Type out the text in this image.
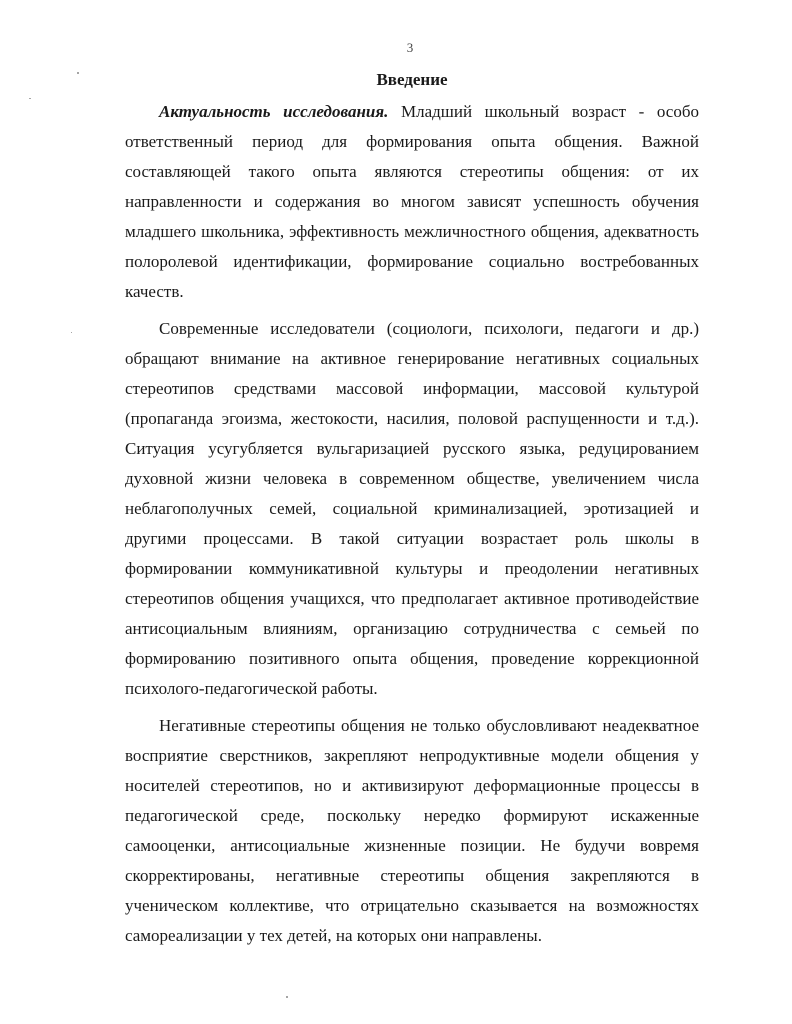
3
Введение

Актуальность исследования. Младший школьный возраст - особо ответственный период для формирования опыта общения. Важной составляющей такого опыта являются стереотипы общения: от их направленности и содержания во многом зависят успешность обучения младшего школьника, эффективность межличностного общения, адекватность полоролевой идентификации, формирование социально востребованных качеств.

Современные исследователи (социологи, психологи, педагоги и др.) обращают внимание на активное генерирование негативных социальных стереотипов средствами массовой информации, массовой культурой (пропаганда эгоизма, жестокости, насилия, половой распущенности и т.д.). Ситуация усугубляется вульгаризацией русского языка, редуцированием духовной жизни человека в современном обществе, увеличением числа неблагополучных семей, социальной криминализацией, эротизацией и другими процессами. В такой ситуации возрастает роль школы в формировании коммуникативной культуры и преодолении негативных стереотипов общения учащихся, что предполагает активное противодействие антисоциальным влияниям, организацию сотрудничества с семьей по формированию позитивного опыта общения, проведение коррекционной психолого-педагогической работы.

Негативные стереотипы общения не только обусловливают неадекватное восприятие сверстников, закрепляют непродуктивные модели общения у носителей стереотипов, но и активизируют деформационные процессы в педагогической среде, поскольку нередко формируют искаженные самооценки, антисоциальные жизненные позиции. Не будучи вовремя скорректированы, негативные стереотипы общения закрепляются в ученическом коллективе, что отрицательно сказывается на возможностях самореализации у тех детей, на которых они направлены.
